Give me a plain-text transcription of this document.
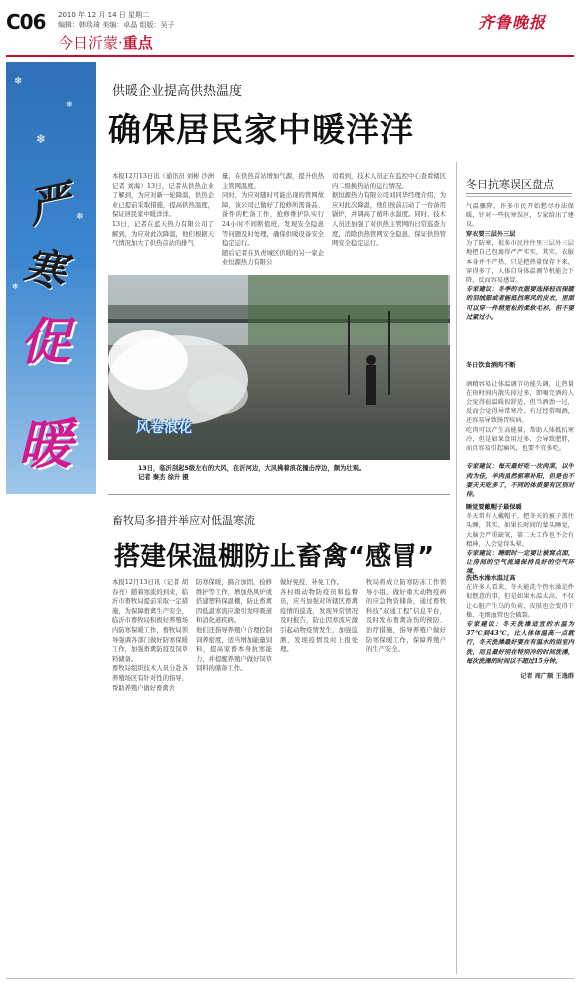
C06 2010 年 12 月 14 日 星期二
编辑：韩琰琦 美编：卓晶 组版：吴子
今日沂蒙·重点
齐鲁晚报
❄
❄
❄
❄
❄
严
寒
促
暖
供暖企业提高供热温度
确保居民家中暖洋洋
本报12月13日讯（通讯员 刘彬 沙洲 记者 刘海）13日，记者从供热企业了解到，为应对新一轮降温，供热企业已提前采取措施，提高供热温度，保证居民家中暖洋洋。
13日，记者在蓝天热力有限公司了解到，为应对此次降温，他们根据天气情况加大了供热首站的排气
量，在供热首站增加气源，提升供热主管网温度。
同时，为应对随时可能出现的管网故障，该公司已做好了抢修所需备品、备件的贮备工作，抢修维护队实行24小时不间断值班，发现安全隐患等问题及时处理，确保供暖设备安全稳定运行。
随后记者在负责城区供暖的另一家企业恒源热力有限公
司看到，技术人员正在监控中心查看辖区内二级换热站的运行情况。
据恒源热力有限公司刘同华经理介绍，为应对此次降温，他们按前启动了一台备用锅炉，并调高了循环水温度。同时，技术人员还加强了对供热主管网的日常巡查力度，消除供热管网安全隐患，保证供热管网安全稳定运行。
风卷浪花
13日，临沂刮起5级左右的大风，在沂河边，大风拂着浪花撞击岸边，颇为壮观。
记者 秦杰 徐升 摄
冬日抗寒误区盘点
气温骤降，许多市民开始想尽办法保暖，针对一些抗寒误区，专家给出了建议。
穿衣要三层外三层
为了防寒，很多市民往往里三层外三层地把自己包裹得严严实实，其实，衣服本身并不产热，只是把热量保存下来，穿得多了，人体自身体温调节机能会下降，反而容易感冒。
专家建议：冬季的衣服要选择轻而保暖的羽绒服或者能抵挡寒风的皮衣，里面可以穿一件稍宽松的柔软毛衫，但不要过紧过小。

冬日饮食酒肉不断

酒精容易让体温调节功能失调，让热量在短时间内散失掉过多，即喝完酒的人会觉得很温暖很舒适，但当酒劲一过，反而会觉得异常寒冷，有过经常喝酒，还容易导致肠胃疾病。
吃肉可以产生高能量，帮助人体抵抗寒冷，但是如果食用过多，会导致肥胖，而且容易引起痛风，也要不宜多吃。

专家建议：每天最好吃一次肉菜，以牛肉为佳，羊肉虽然驱寒补阳，但是也不要天天吃多了，不同的体质要有区别对待。

睡觉要戴帽子最保暖
冬天常有人戴帽子，把冬天的被子盖住头睡，其实，如果长时间的蒙头睡觉，大脑会严重缺氧，第二天工作也不会有精神，人会觉得头晕。
专家建议：睡眠时一定要让被窝点面，让房间的空气流通保持良好的空气环境。
洗热水澡水温过高
在许多人看来，冬天能洗个热水澡是件很惬意的事，但是如果水温太高，不仅让心脏产生乌的负荷，皮肤也会变得干燥，毛细血管也会破裂。
专家建议：冬天洗澡适宜的水温为37℃到43℃，比人体体温高一点就行，冬天洗澡最好要在有温水的浴室内洗，而且最好别在特别冷的时间洗澡，每次洗澡的时间以不超过15分钟。
记者 周广顺 王逸群
畜牧局多措并举应对低温寒流
搭建保温棚防止畜禽“感冒”
本报12月13日讯（记者 胡春亮）随着寒流的到来，临沂市畜牧局提前采取一定措施，为保障畜禽生产安全，临沂市畜牧局积极好养殖场内防寒保暖工作，畜牧局领导强调各部门做好防寒保暖工作，加强畜禽防疫及饲草料储备。
畜牧局组织技术人员分赴各养殖场区有针对性的指导，帮助养殖户做好畜禽舍
防寒保暖，搞合加固，检修维护等工作，增加热风炉或搭建塑料保温棚，防止畜禽因低温寒流应激引发呼吸道和消化道疾病。
他们还指导养殖户合理控制饲养密度，适当增加能量饲料，提高家畜本身抗寒能力，并提醒养殖户做好饲草饲料的储备工作。
做好免疫，补免工作。
各村级动物防疫员和监督员，应当加强对所辖区畜禽疫情的巡查，发现异常情况及时报告，防止因寒流应激引起动物疫情发生，加强监测，发现疫情及时上报处理。
牧局将成立防寒防冻工作领导小组，做好重大动物疫病的应急物资储备，通过畜牧科技“双通工程”信息平台，及时发布畜禽冻伤的预防、治疗措施，指导养殖户做好防寒保暖工作，保障养殖户的生产安全。
